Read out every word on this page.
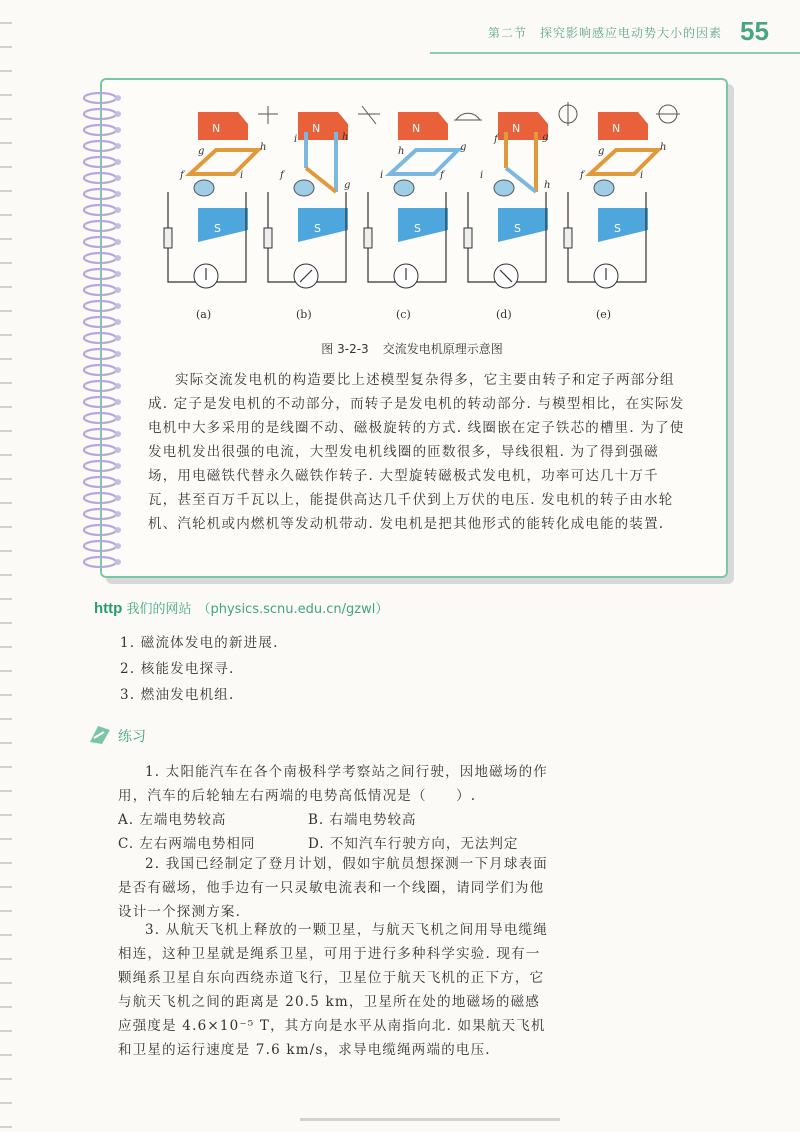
第二节　探究影响感应电动势大小的因素 55
N
S
g	h
f	i
(a)
N
S
i	h
f
g
(b)
N
S
h	g
i	f
(c)
N
S
f	g
i
h
(d)
N
S
g	h
f	i
(e)
图 3-2-3 交流发电机原理示意图

实际交流发电机的构造要比上述模型复杂得多，它主要由转子和定子两部分组成. 定子是发电机的不动部分，而转子是发电机的转动部分. 与模型相比，在实际发电机中大多采用的是线圈不动、磁极旋转的方式. 线圈嵌在定子铁芯的槽里. 为了使发电机发出很强的电流，大型发电机线圈的匝数很多，导线很粗. 为了得到强磁场，用电磁铁代替永久磁铁作转子. 大型旋转磁极式发电机，功率可达几十万千瓦，甚至百万千瓦以上，能提供高达几千伏到上万伏的电压. 发电机的转子由水轮机、汽轮机或内燃机等发动机带动. 发电机是把其他形式的能转化成电能的装置.

http 我们的网站 （physics.scnu.edu.cn/gzwl）
1. 磁流体发电的新进展.
2. 核能发电探寻.
3. 燃油发电机组.
练习

1. 太阳能汽车在各个南极科学考察站之间行驶，因地磁场的作用，汽车的后轮轴左右两端的电势高低情况是（　　）.

A. 左端电势较高	B. 右端电势较高
C. 左右两端电势相同	D. 不知汽车行驶方向，无法判定

2. 我国已经制定了登月计划，假如宇航员想探测一下月球表面是否有磁场，他手边有一只灵敏电流表和一个线圈，请同学们为他设计一个探测方案.

3. 从航天飞机上释放的一颗卫星，与航天飞机之间用导电缆绳相连，这种卫星就是绳系卫星，可用于进行多种科学实验. 现有一颗绳系卫星自东向西绕赤道飞行，卫星位于航天飞机的正下方，它与航天飞机之间的距离是 20.5 km，卫星所在处的地磁场的磁感应强度是 4.6×10⁻⁵ T，其方向是水平从南指向北. 如果航天飞机和卫星的运行速度是 7.6 km/s，求导电缆绳两端的电压.
